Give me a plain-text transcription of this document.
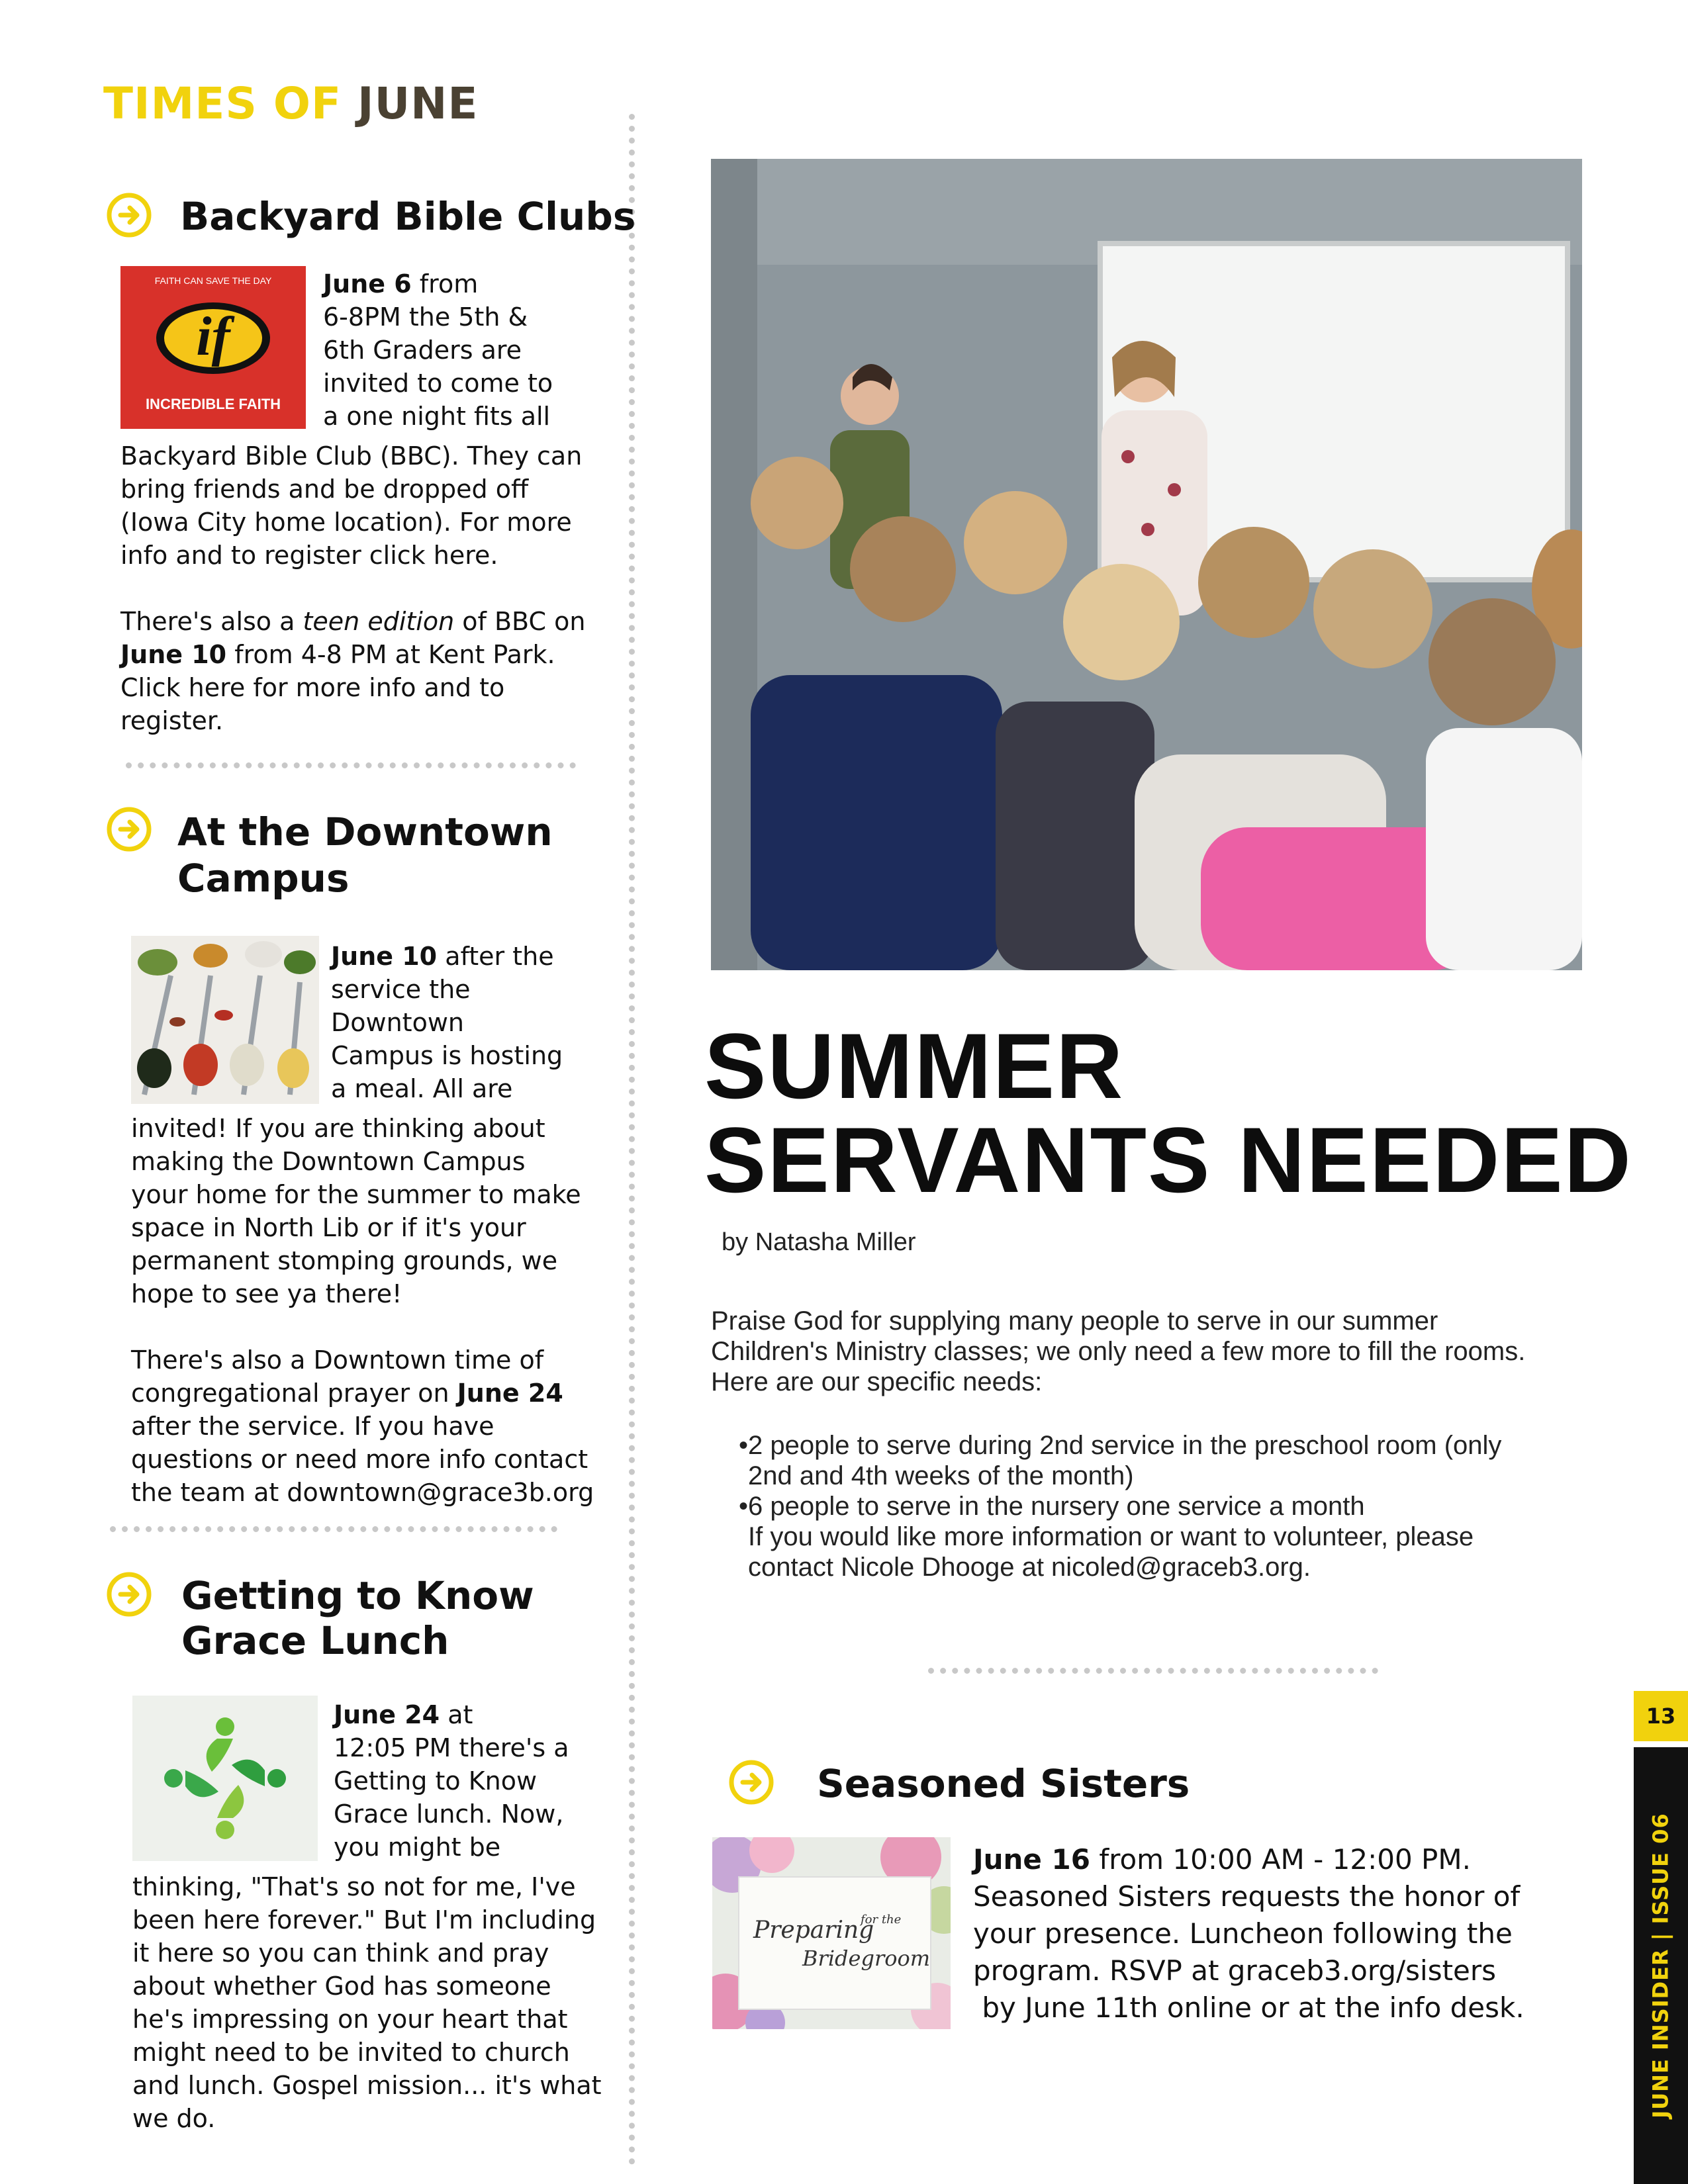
TIMES OF JUNE
Backyard Bible Clubs
FAITH CAN SAVE THE DAY
if
INCREDIBLE FAITH
June 6 from
6-8PM the 5th &
6th Graders are
invited to come to
a one night fits all
Backyard Bible Club (BBC). They can
bring friends and be dropped off
(Iowa City home location). For more
info and to register click here.
There's also a teen edition of BBC on
June 10 from 4-8 PM at Kent Park.
Click here for more info and to
register.
At the Downtown
Campus
June 10 after the
service the
Downtown
Campus is hosting
a meal. All are
invited! If you are thinking about
making the Downtown Campus
your home for the summer to make
space in North Lib or if it's your
permanent stomping grounds, we
hope to see ya there!
There's also a Downtown time of
congregational prayer on June 24
after the service. If you have
questions or need more info contact
the team at downtown@grace3b.org
Getting to Know
Grace Lunch
June 24 at
12:05 PM there's a
Getting to Know
Grace lunch. Now,
you might be
thinking, "That's so not for me, I've
been here forever." But I'm including
it here so you can think and pray
about whether God has someone
he's impressing on your heart that
might need to be invited to church
and lunch. Gospel mission... it's what
we do.
SUMMER
SERVANTS NEEDED
by Natasha Miller
Praise God for supplying many people to serve in our summer
Children's Ministry classes; we only need a few more to fill the rooms.
Here are our specific needs:
•2 people to serve during 2nd service in the preschool room (only
2nd and 4th weeks of the month)
•6 people to serve in the nursery one service a month
If you would like more information or want to volunteer, please
contact Nicole Dhooge at nicoled@graceb3.org.
Seasoned Sisters
Preparing
for the
Bridegroom
June 16 from 10:00 AM - 12:00 PM.
Seasoned Sisters requests the honor of
your presence. Luncheon following the
program. RSVP at graceb3.org/sisters
by June 11th online or at the info desk.
13
JUNE INSIDER | ISSUE 06
